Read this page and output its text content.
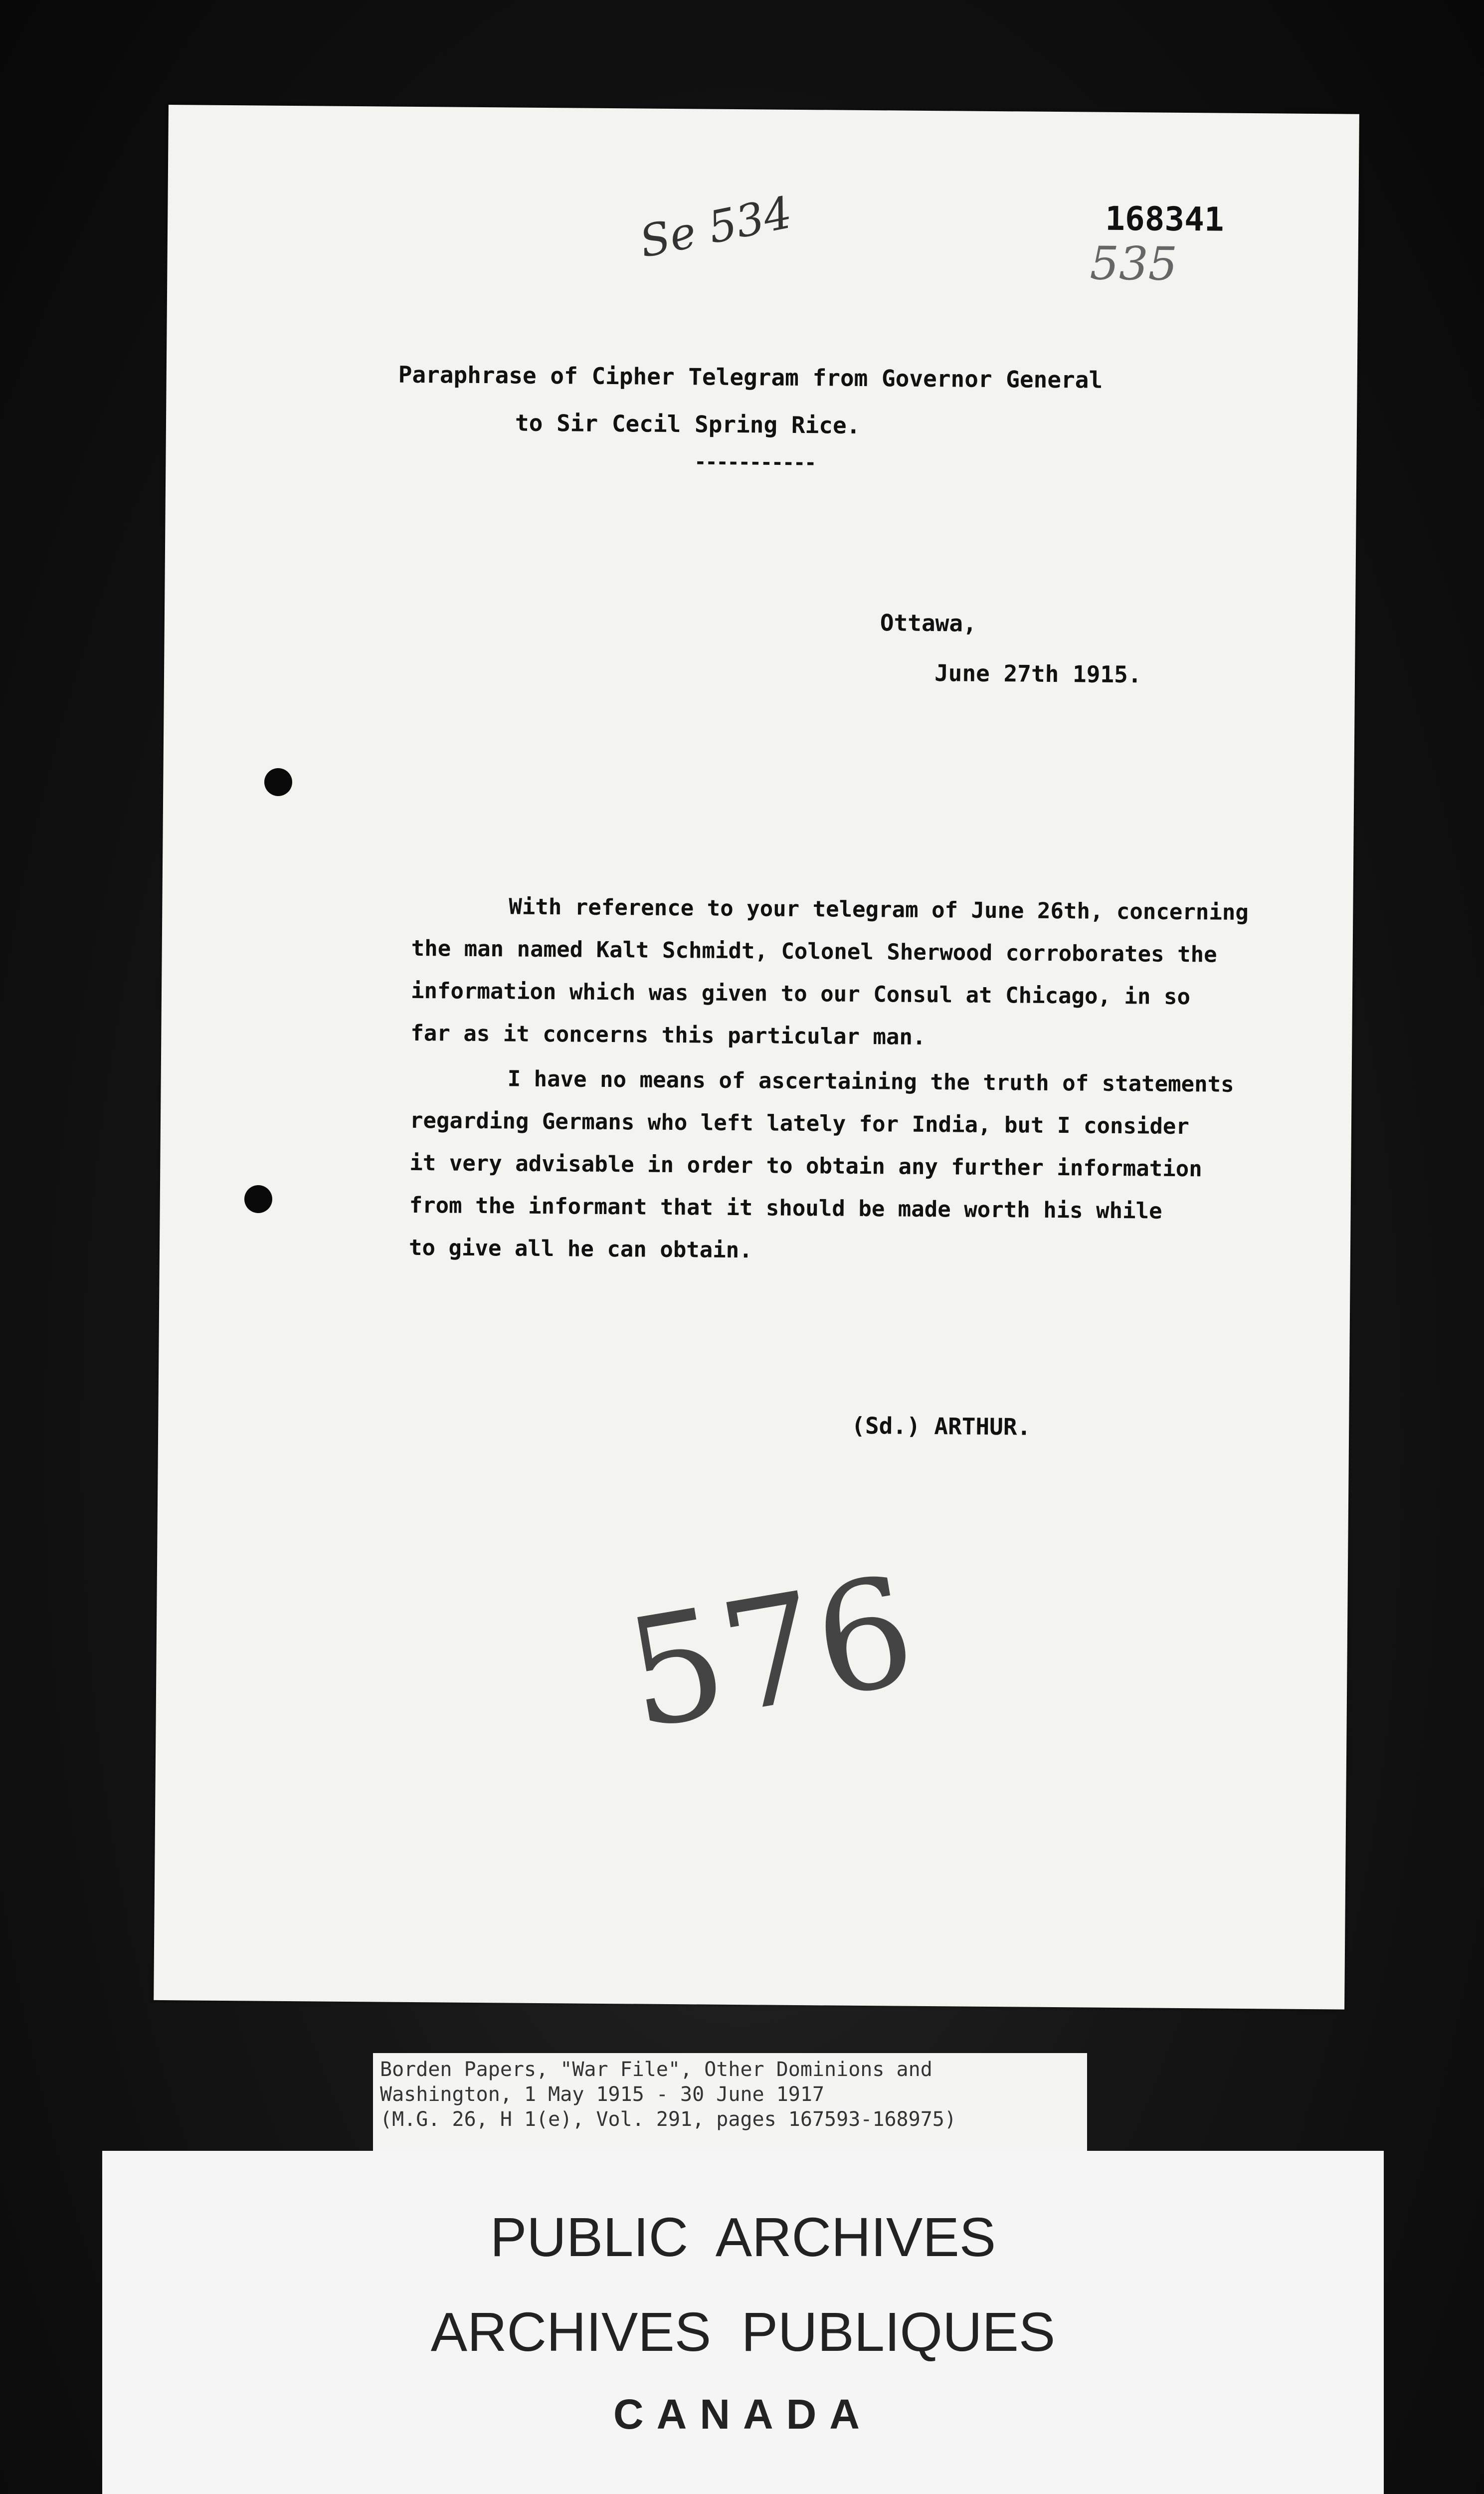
Se 534	168341
535
Paraphrase of Cipher Telegram from Governor General
to Sir Cecil Spring Rice.
-----------
Ottawa,
June 27th 1915.
With reference to your telegram of June 26th, concerning
the man named Kalt Schmidt, Colonel Sherwood corroborates the
information which was given to our Consul at Chicago, in so
far as it concerns this particular man.
I have no means of ascertaining the truth of statements
regarding Germans who left lately for India, but I consider
it very advisable in order to obtain any further information
from the informant that it should be made worth his while
to give all he can obtain.
(Sd.) ARTHUR.
576
Borden Papers, "War File", Other Dominions and
Washington, 1 May 1915 - 30 June 1917
(M.G. 26, H 1(e), Vol. 291, pages 167593-168975)
PUBLIC ARCHIVES
ARCHIVES PUBLIQUES
CANADA
